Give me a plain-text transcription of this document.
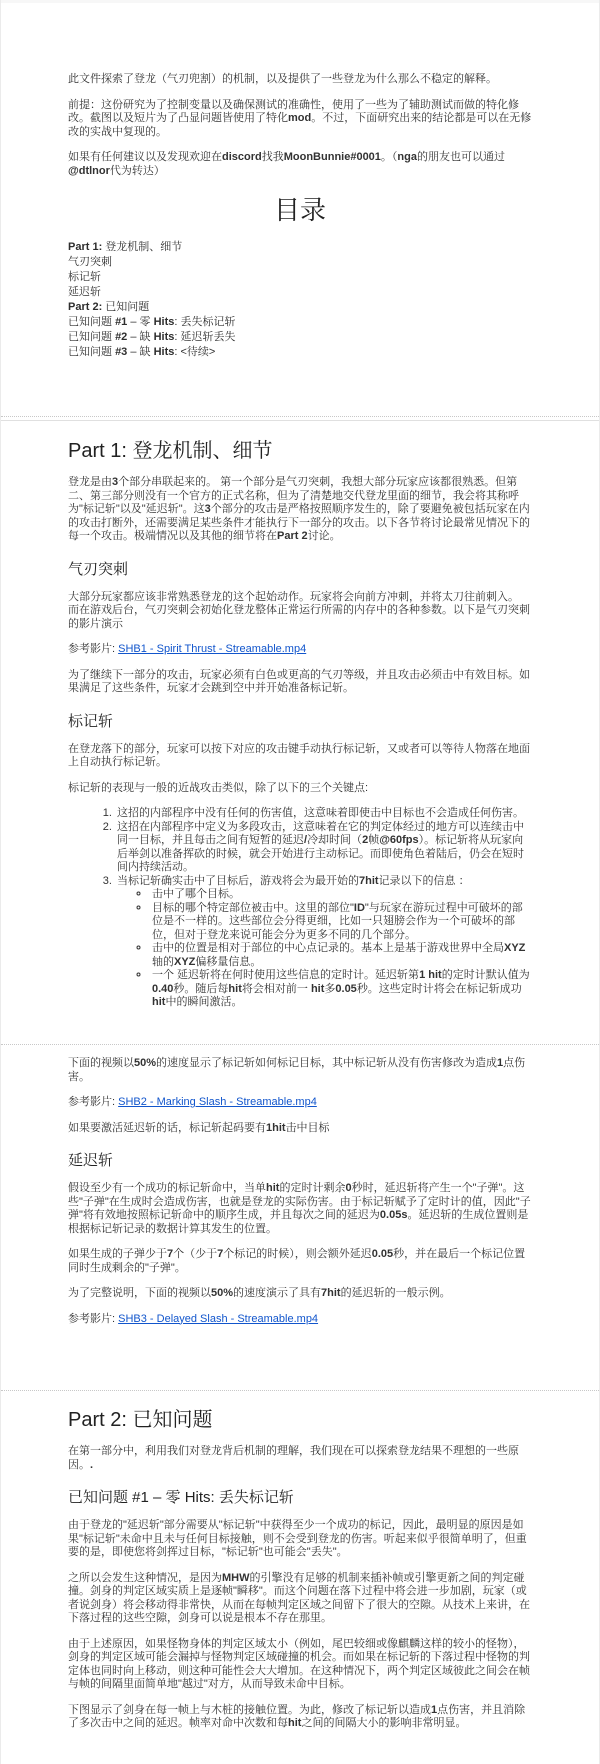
此文件探索了登龙（气刃兜割）的机制，以及提供了一些登龙为什么那么不稳定的解释。

前提：这份研究为了控制变量以及确保测试的准确性，使用了一些为了辅助测试而做的特化修改。截图以及短片为了凸显问题皆使用了特化mod。不过，下面研究出来的结论都是可以在无修改的实战中复现的。

如果有任何建议以及发现欢迎在discord找我MoonBunnie#0001。（nga的朋友也可以通过@dtlnor代为转达）

目录
Part 1: 登龙机制、细节
气刃突刺
标记斩
延迟斩
Part 2: 已知问题
已知问题 #1 – 零 Hits: 丢失标记斩
已知问题 #2 – 缺 Hits: 延迟斩丢失
已知问题 #3 – 缺 Hits: <待续>
Part 1: 登龙机制、细节

登龙是由3个部分串联起来的。 第一个部分是气刃突刺，我想大部分玩家应该都很熟悉。但第二、第三部分则没有一个官方的正式名称，但为了清楚地交代登龙里面的细节，我会将其称呼为"标记斩"以及"延迟斩"。这3个部分的攻击是严格按照顺序发生的，除了要避免被包括玩家在内的攻击打断外，还需要满足某些条件才能执行下一部分的攻击。以下各节将讨论最常见情况下的每一个攻击。极端情况以及其他的细节将在Part 2讨论。

气刃突刺

大部分玩家都应该非常熟悉登龙的这个起始动作。玩家将会向前方冲刺，并将太刀往前刺入。 而在游戏后台，气刃突刺会初始化登龙整体正常运行所需的内存中的各种参数。以下是气刃突刺的影片演示

参考影片: SHB1 - Spirit Thrust - Streamable.mp4

为了继续下一部分的攻击，玩家必须有白色或更高的气刃等级，并且攻击必须击中有效目标。如果满足了这些条件，玩家才会跳到空中并开始准备标记斩。

标记斩

在登龙落下的部分，玩家可以按下对应的攻击键手动执行标记斩，又或者可以等待人物落在地面上自动执行标记斩。

标记斩的表现与一般的近战攻击类似，除了以下的三个关键点:

1. 这招的内部程序中没有任何的伤害值，这意味着即使击中目标也不会造成任何伤害。
2. 这招在内部程序中定义为多段攻击，这意味着在它的判定体经过的地方可以连续击中同一目标，并且每击之间有短暂的延迟/冷却时间（2帧@60fps）。标记斩将从玩家向后举剑以准备挥砍的时候，就会开始进行主动标记。而即使角色着陆后，仍会在短时间内持续活动。
3. 当标记斩确实击中了目标后，游戏将会为最开始的7hit记录以下的信息 ：
◦ 击中了哪个目标。
◦ 目标的哪个特定部位被击中。这里的部位"ID"与玩家在游玩过程中可破坏的部位是不一样的。这些部位会分得更细，比如一只翅膀会作为一个可破坏的部位，但对于登龙来说可能会分为更多不同的几个部分。
◦ 击中的位置是相对于部位的中心点记录的。基本上是基于游戏世界中全局XYZ轴的XYZ偏移量信息。
◦ 一个 延迟斩将在何时使用这些信息的定时计。延迟斩第1 hit的定时计默认值为0.40秒。随后每hit将会相对前一 hit多0.05秒。这些定时计将会在标记斩成功hit中的瞬间激活。

下面的视频以50%的速度显示了标记斩如何标记目标，其中标记斩从没有伤害修改为造成1点伤害。

参考影片: SHB2 - Marking Slash - Streamable.mp4

如果要激活延迟斩的话，标记斩起码要有1hit击中目标

延迟斩

假设至少有一个成功的标记斩命中，当单hit的定时计剩余0秒时，延迟斩将产生一个"子弹"。这些"子弹"在生成时会造成伤害，也就是登龙的实际伤害。由于标记斩赋予了定时计的值，因此"子弹"将有效地按照标记斩命中的顺序生成，并且每次之间的延迟为0.05s。延迟斩的生成位置则是根据标记斩记录的数据计算其发生的位置。

如果生成的子弹少于7个（少于7个标记的时候），则会额外延迟0.05秒，并在最后一个标记位置同时生成剩余的"子弹"。

为了完整说明，下面的视频以50%的速度演示了具有7hit的延迟斩的一般示例。

参考影片: SHB3 - Delayed Slash - Streamable.mp4

Part 2: 已知问题

在第一部分中，利用我们对登龙背后机制的理解，我们现在可以探索登龙结果不理想的一些原因。.

已知问题 #1 – 零 Hits: 丢失标记斩

由于登龙的"延迟斩"部分需要从"标记斩"中获得至少一个成功的标记，因此，最明显的原因是如果"标记斩"未命中且未与任何目标接触，则不会受到登龙的伤害。听起来似乎很简单明了，但重要的是，即使您将剑挥过目标，"标记斩"也可能会"丢失"。

之所以会发生这种情况，是因为MHW的引擎没有足够的机制来插补帧或引擎更新之间的判定碰撞。剑身的判定区域实质上是逐帧"瞬移"。而这个问题在落下过程中将会进一步加剧，玩家（或者说剑身）将会移动得非常快，从而在每帧判定区域之间留下了很大的空隙。从技术上来讲，在下落过程的这些空隙，剑身可以说是根本不存在那里。

由于上述原因，如果怪物身体的判定区域太小（例如，尾巴较细或像麒麟这样的较小的怪物），剑身的判定区域可能会漏掉与怪物判定区域碰撞的机会。而如果在标记斩的下落过程中怪物的判定体也同时向上移动，则这种可能性会大大增加。在这种情况下，两个判定区域彼此之间会在帧与帧的间隔里面简单地"越过"对方，从而导致未命中目标。

下图显示了剑身在每一帧上与木桩的接触位置。为此，修改了标记斩以造成1点伤害，并且消除了多次击中之间的延迟。帧率对命中次数和每hit之间的间隔大小的影响非常明显。
